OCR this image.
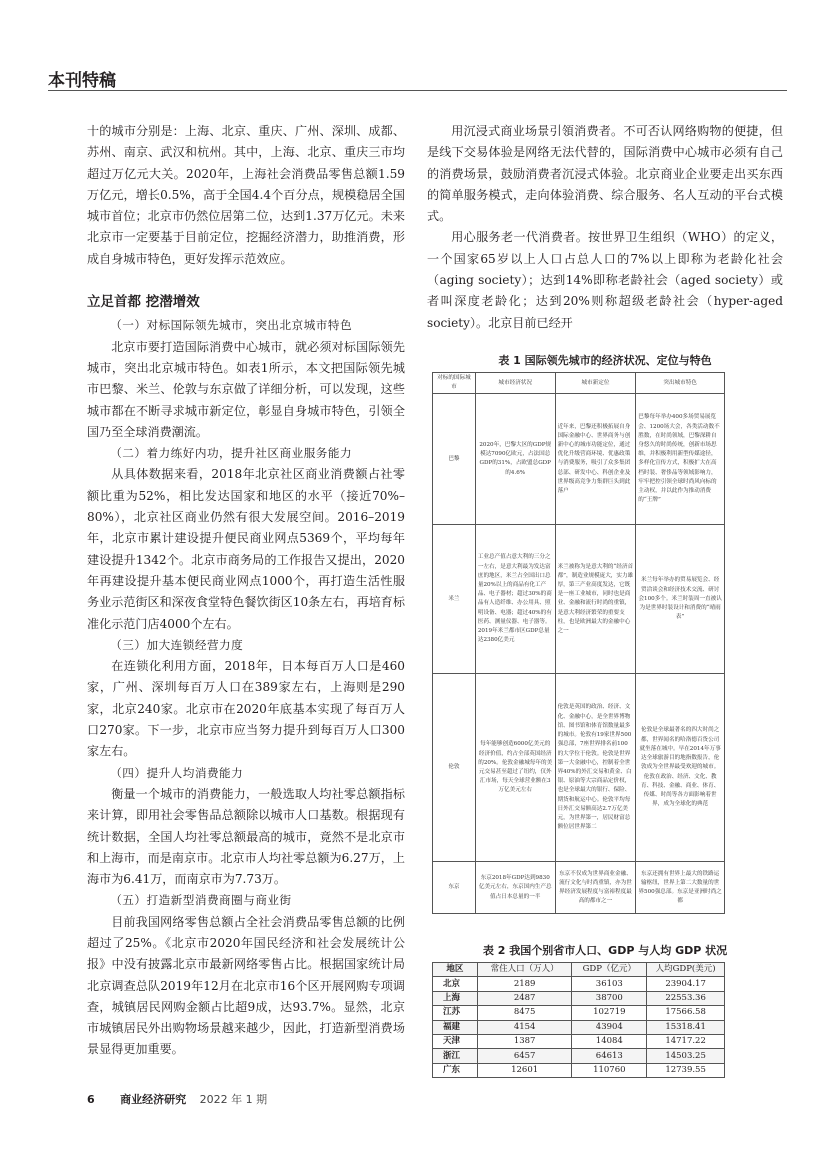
本刊特稿

十的城市分别是：上海、北京、重庆、广州、深圳、成都、苏州、南京、武汉和杭州。其中，上海、北京、重庆三市均超过万亿元大关。2020年，上海社会消费品零售总额1.59万亿元，增长0.5%，高于全国4.4个百分点，规模稳居全国城市首位；北京市仍然位居第二位，达到1.37万亿元。未来北京市一定要基于目前定位，挖掘经济潜力，助推消费，形成自身城市特色，更好发挥示范效应。

立足首都 挖潜增效
（一）对标国际领先城市，突出北京城市特色

北京市要打造国际消费中心城市，就必须对标国际领先城市，突出北京城市特色。如表1所示，本文把国际领先城市巴黎、米兰、伦敦与东京做了详细分析，可以发现，这些城市都在不断寻求城市新定位，彰显自身城市特色，引领全国乃至全球消费潮流。

（二）着力练好内功，提升社区商业服务能力

从具体数据来看，2018年北京社区商业消费额占社零额比重为52%，相比发达国家和地区的水平（接近70%–80%），北京社区商业仍然有很大发展空间。2016–2019年，北京市累计建设提升便民商业网点5369个，平均每年建设提升1342个。北京市商务局的工作报告又提出，2020年再建设提升基本便民商业网点1000个，再打造生活性服务业示范街区和深夜食堂特色餐饮街区10条左右，再培育标准化示范门店4000个左右。

（三）加大连锁经营力度

在连锁化利用方面，2018年，日本每百万人口是460家，广州、深圳每百万人口在389家左右，上海则是290家，北京240家。北京市在2020年底基本实现了每百万人口270家。下一步，北京市应当努力提升到每百万人口300家左右。

（四）提升人均消费能力

衡量一个城市的消费能力，一般选取人均社零总额指标来计算，即用社会零售品总额除以城市人口基数。根据现有统计数据，全国人均社零总额最高的城市，竟然不是北京市和上海市，而是南京市。北京市人均社零总额为6.27万，上海市为6.41万，而南京市为7.73万。

（五）打造新型消费商圈与商业街

目前我国网络零售总额占全社会消费品零售总额的比例超过了25%。《北京市2020年国民经济和社会发展统计公报》中没有披露北京市最新网络零售占比。根据国家统计局北京调查总队2019年12月在北京市16个区开展网购专项调查，城镇居民网购金额占比超9成，达93.7%。显然，北京市城镇居民外出购物场景越来越少，因此，打造新型消费场景显得更加重要。

用沉浸式商业场景引領消费者。不可否认网络购物的便捷，但是线下交易体验是网络无法代替的，国际消费中心城市必须有自己的消费场景，鼓励消费者沉浸式体验。北京商业企业要走出买东西的简单服务模式，走向体验消费、综合服务、名人互动的平台式模式。

用心服务老一代消费者。按世界卫生组织（WHO）的定义，一个国家65岁以上人口占总人口的7%以上即称为老龄化社会（aging society）；达到14%即称老龄社会（aged society）或者叫深度老龄化；达到20%则称超级老龄社会（hyper-aged society）。北京目前已经开

表 1 国际领先城市的经济状况、定位与特色
对标的国际城市	城市经济状况	城市新定位	突出城市特色
巴黎	2020年，巴黎大区的GDP规模达7090亿欧元，占法国总GDP的31%，占欧盟总GDP的4.6%	近年来，巴黎还积极拓展自身国际金融中心、世界商务与创新中心的城市功能定位，通过优化升级营商环境、优惠政策与消费服务，吸引了众多集团总部、研发中心、科创企业及世界级高竞争力集群巨头到此落户	巴黎每年举办400多场贸易展览会、1200场大会，各类活动数不胜数，在时尚领域，巴黎深耕自身悠久的时尚传统，创新市场思维，并积极利用新型传媒途径，多样化宣传方式，积极扩大在高档时装、奢侈品等领域影响力，牢牢把控引领全球时尚风向标的主动权，并以此作为推动消费的“王牌”
米兰	工业总产值占意大利的三分之一左右，是意大利最为发达富庶的地区，米兰占全国出口总量20%以上的商品有化工产品、电子器材；超过30%的商品有人造纤维、办公用具、照明设备、电器；超过40%的有医药、测量仪器、电子器等。2019年米兰都市区GDP总量达2380亿美元	米兰被称为是意大利的“经济首都”，制造业规模庞大，实力雄厚，第三产业高度发达，它既是一座工业城市，同时也是商业、金融和流行时尚的重镇，是意大利经济繁荣的重要支柱，也是欧洲最大的金融中心之一	米兰每年举办的贸易展览会、经贸洽谈会和经济技术交流、研讨会100多个。米兰时装周一直被认为是世界时装设计和消费的“晴雨表”
伦敦	每年能够创造6000亿美元的经济价值，约占全部英国经济的20%。伦敦金融城每年的美元交易甚至超过了纽约，仅外汇市场，每天全球营业额在3万亿美元左右	伦敦是英国的政治、经济、文化、金融中心，是全世界博物馆、图书馆和体育馆数量最多的城市。伦敦有19家世界500强总部，7座世界排名前100的大学位于伦敦。伦敦是世界第一大金融中心，控制着全世界40%的外汇交易和黄金、白银、原油等大宗商品定价权，也是全球最大的银行、保险、期货和航运中心。伦敦平均每日外汇交易额高达2.7万亿美元，为世界第一，居民财富总额位居世界第二	伦敦是全球最著名的四大时尚之都，世界闻名的哈洛德百货公司就坐落在城中。早在2014年万事达全球旅游目的地指数报告，伦敦成为全世界最受欢迎的城市。伦敦在政治、经济、文化、教育、科技、金融、商业、体育、传媒、时尚等各方面影响着世界，成为全球化的典范
东京	东京2018年GDP达到9830亿美元左右，东京国内生产总值占日本总量的一半	东京不仅成为世界商业金融、流行文化与时尚重镇，亦为世界经济发展程度与富裕程度最高的都市之一	东京还拥有世界上最大的铁路运输枢纽，世界上第二大数量的世界500强总部。东京是亚洲时尚之都
表 2 我国个别省市人口、GDP 与人均 GDP 状况
地区	常住人口（万人）	GDP（亿元）	人均GDP(美元)
北京	2189	36103	23904.17
上海	2487	38700	22553.36
江苏	8475	102719	17566.58
福建	4154	43904	15318.41
天津	1387	14084	14717.22
浙江	6457	64613	14503.25
广东	12601	110760	12739.55
6 商业经济研究 2022 年 1 期
